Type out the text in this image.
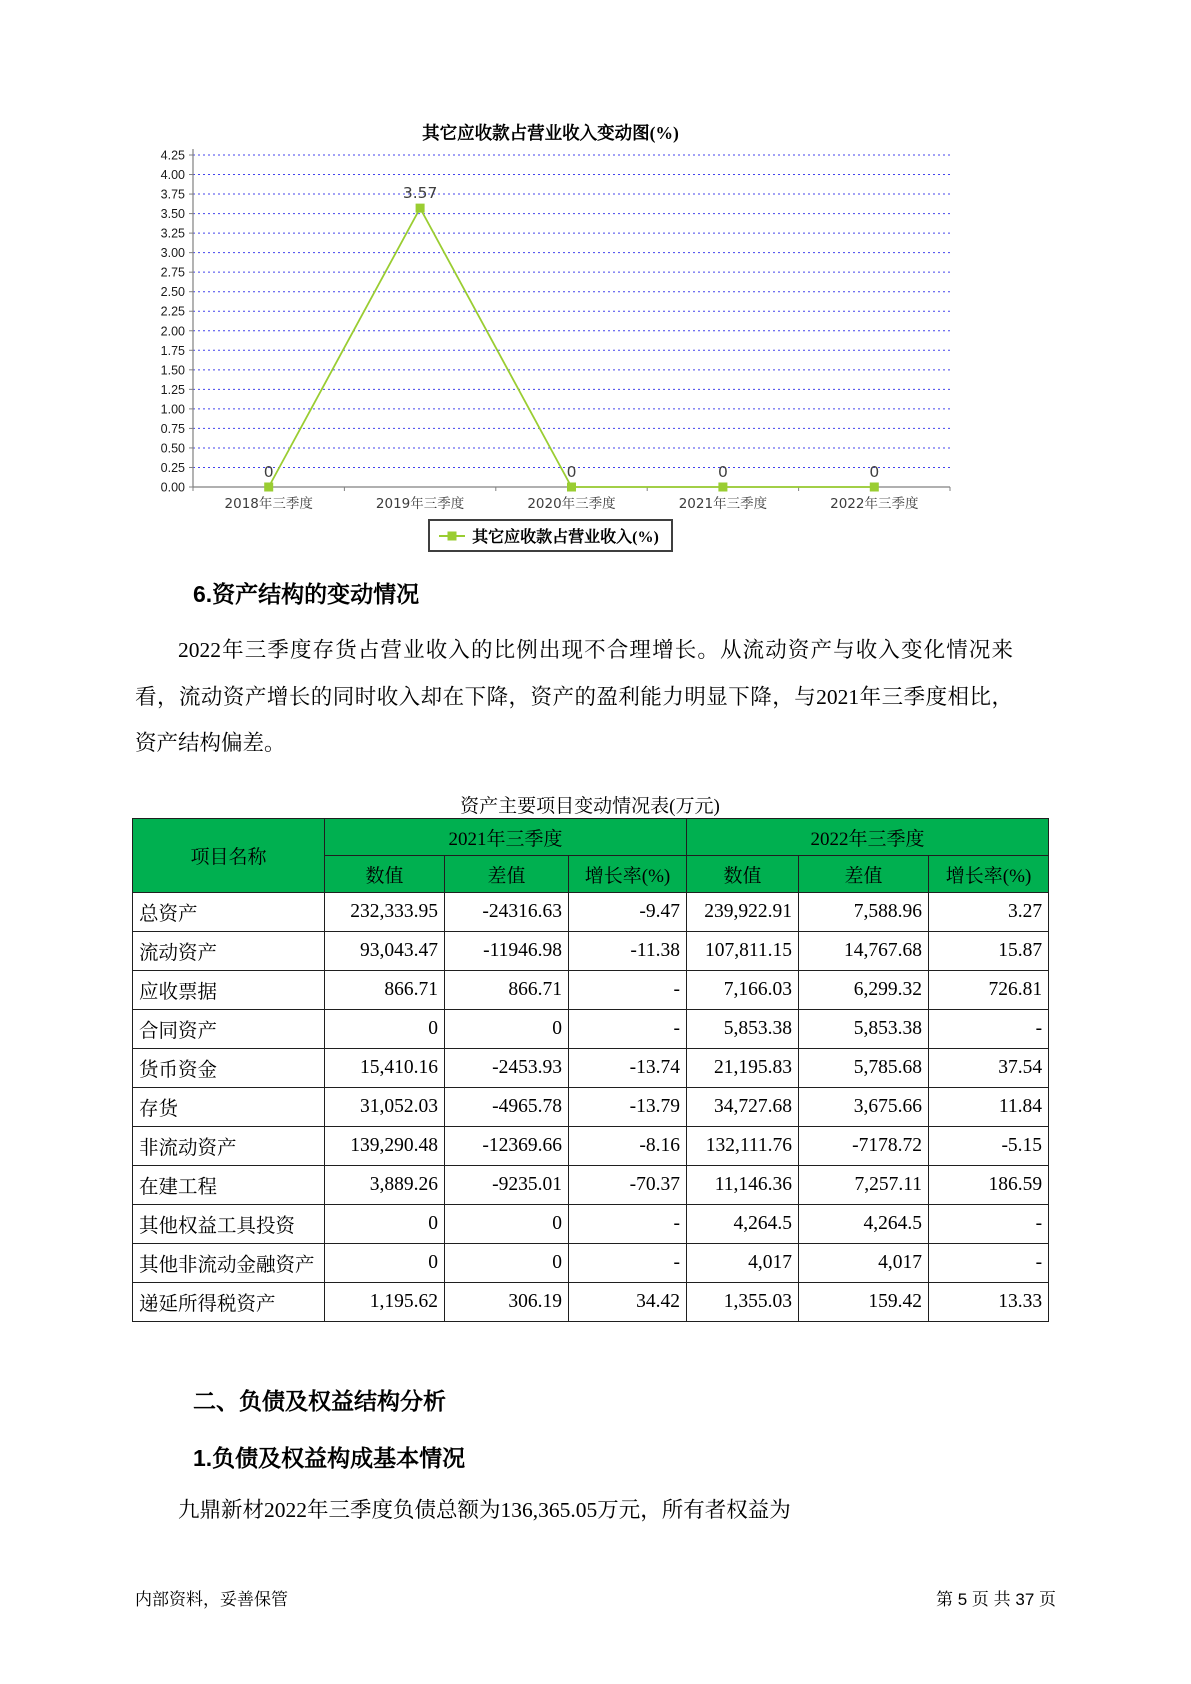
其它应收款占营业收入变动图(%)
0.00
0.25
0.50
0.75
1.00
1.25
1.50
1.75
2.00
2.25
2.50
2.75
3.00
3.25
3.50
3.75
4.00
4.25
2018年三季度	2019年三季度	2020年三季度	2021年三季度	2022年三季度
0
3.57
0	0	0
其它应收款占营业收入(%)
6.资产结构的变动情况
2022年三季度存货占营业收入的比例出现不合理增长。从流动资产与收入变化情况来看，流动资产增长的同时收入却在下降，资产的盈利能力明显下降，与2021年三季度相比，资产结构偏差。
资产主要项目变动情况表(万元)
项目名称	2021年三季度			2022年三季度		
	数值	差值	增长率(%)	数值	差值	增长率(%)
总资产	232,333.95	-24316.63	-9.47	239,922.91	7,588.96	3.27
流动资产	93,043.47	-11946.98	-11.38	107,811.15	14,767.68	15.87
应收票据	866.71	866.71	-	7,166.03	6,299.32	726.81
合同资产	0	0	-	5,853.38	5,853.38	-
货币资金	15,410.16	-2453.93	-13.74	21,195.83	5,785.68	37.54
存货	31,052.03	-4965.78	-13.79	34,727.68	3,675.66	11.84
非流动资产	139,290.48	-12369.66	-8.16	132,111.76	-7178.72	-5.15
在建工程	3,889.26	-9235.01	-70.37	11,146.36	7,257.11	186.59
其他权益工具投资	0	0	-	4,264.5	4,264.5	-
其他非流动金融资产	0	0	-	4,017	4,017	-
递延所得税资产	1,195.62	306.19	34.42	1,355.03	159.42	13.33
二、负债及权益结构分析
1.负债及权益构成基本情况
九鼎新材2022年三季度负债总额为136,365.05万元，所有者权益为
内部资料，妥善保管	第 5 页 共 37 页
